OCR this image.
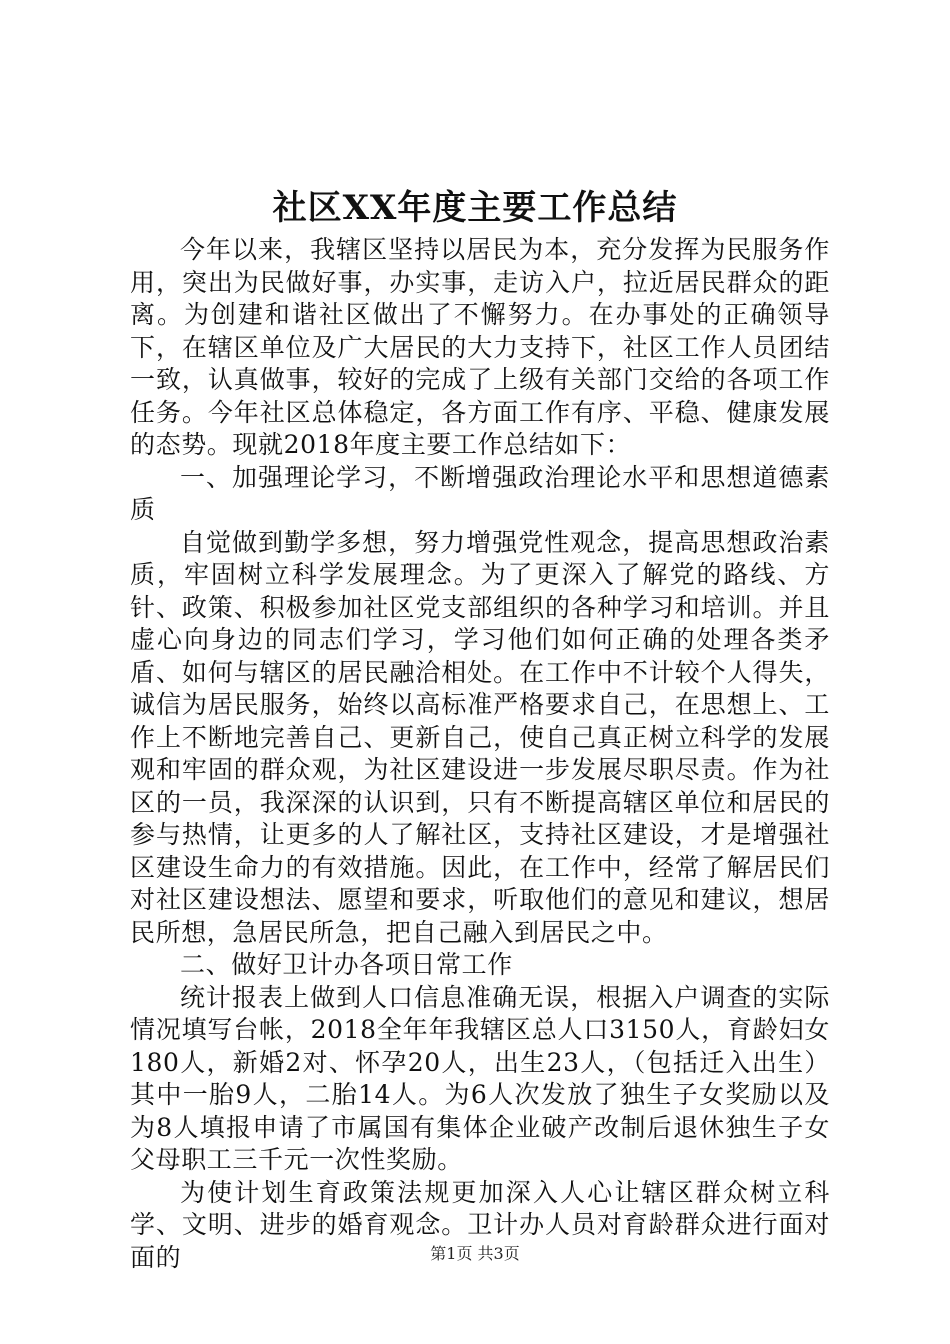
社区XX年度主要工作总结

今年以来，我辖区坚持以居民为本，充分发挥为民服务作用，突出为民做好事，办实事，走访入户，拉近居民群众的距离。为创建和谐社区做出了不懈努力。在办事处的正确领导下，在辖区单位及广大居民的大力支持下，社区工作人员团结一致，认真做事，较好的完成了上级有关部门交给的各项工作任务。今年社区总体稳定，各方面工作有序、平稳、健康发展的态势。现就2018年度主要工作总结如下：

一、加强理论学习，不断增强政治理论水平和思想道德素质

自觉做到勤学多想，努力增强党性观念，提高思想政治素质，牢固树立科学发展理念。为了更深入了解党的路线、方针、政策、积极参加社区党支部组织的各种学习和培训。并且虚心向身边的同志们学习，学习他们如何正确的处理各类矛盾、如何与辖区的居民融洽相处。在工作中不计较个人得失，诚信为居民服务，始终以高标准严格要求自己，在思想上、工作上不断地完善自己、更新自己，使自己真正树立科学的发展观和牢固的群众观，为社区建设进一步发展尽职尽责。作为社区的一员，我深深的认识到，只有不断提高辖区单位和居民的参与热情，让更多的人了解社区，支持社区建设，才是增强社区建设生命力的有效措施。因此，在工作中，经常了解居民们对社区建设想法、愿望和要求，听取他们的意见和建议，想居民所想，急居民所急，把自己融入到居民之中。

二、做好卫计办各项日常工作

统计报表上做到人口信息准确无误，根据入户调查的实际情况填写台帐，2018全年年我辖区总人口3150人，育龄妇女180人，新婚2对、怀孕20人，出生23人，（包括迁入出生）其中一胎9人，二胎14人。为6人次发放了独生子女奖励以及为8人填报申请了市属国有集体企业破产改制后退休独生子女父母职工三千元一次性奖励。

为使计划生育政策法规更加深入人心让辖区群众树立科学、文明、进步的婚育观念。卫计办人员对育龄群众进行面对面的	第1页 共3页
